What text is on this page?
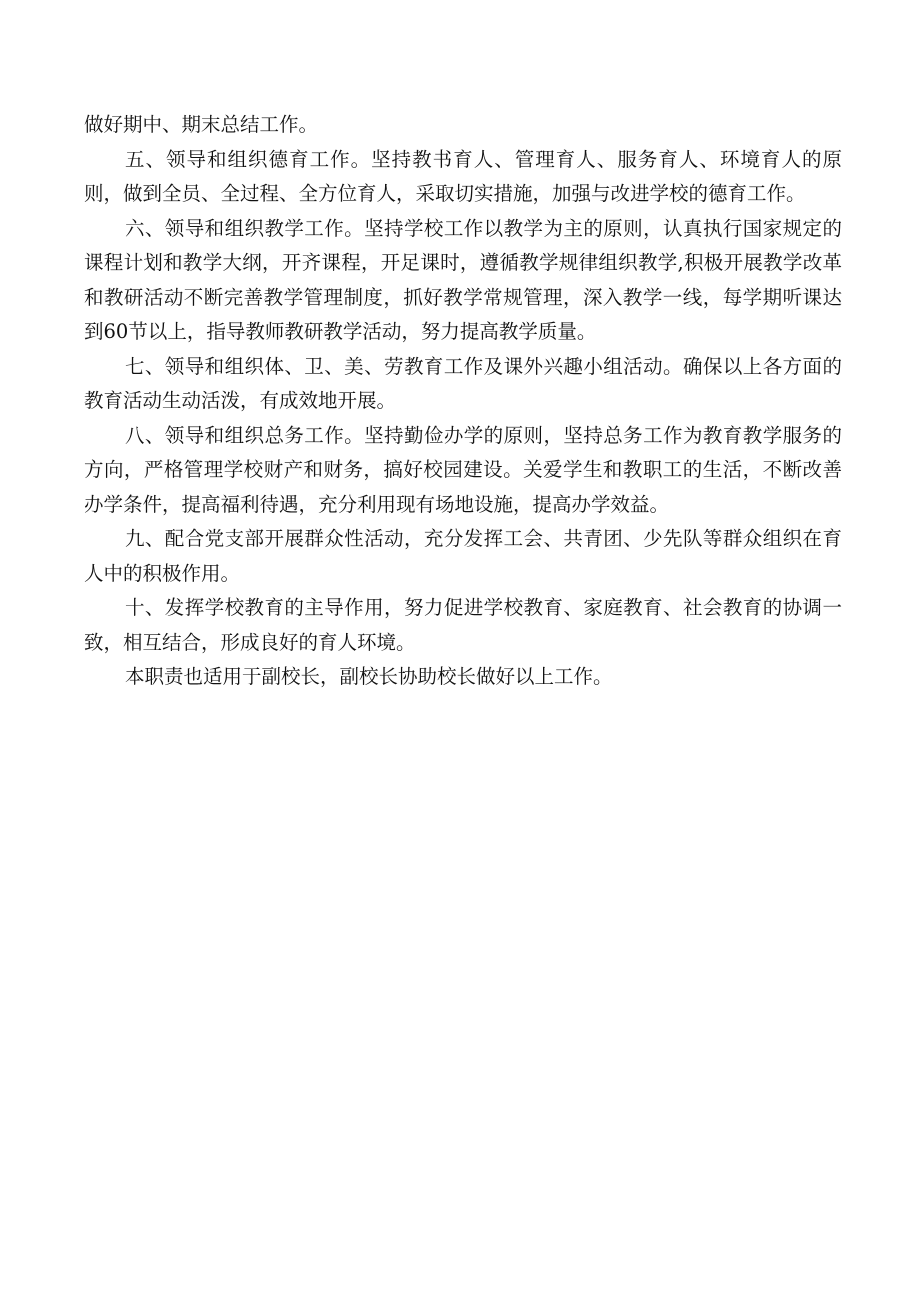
做好期中、期末总结工作。

五、领导和组织德育工作。坚持教书育人、管理育人、服务育人、环境育人的原则，做到全员、全过程、全方位育人，采取切实措施，加强与改进学校的德育工作。

六、领导和组织教学工作。坚持学校工作以教学为主的原则，认真执行国家规定的课程计划和教学大纲，开齐课程，开足课时，遵循教学规律组织教学,积极开展教学改革和教研活动不断完善教学管理制度，抓好教学常规管理，深入教学一线，每学期听课达到60节以上，指导教师教研教学活动，努力提高教学质量。

七、领导和组织体、卫、美、劳教育工作及课外兴趣小组活动。确保以上各方面的教育活动生动活泼，有成效地开展。

八、领导和组织总务工作。坚持勤俭办学的原则，坚持总务工作为教育教学服务的方向，严格管理学校财产和财务，搞好校园建设。关爱学生和教职工的生活，不断改善办学条件，提高福利待遇，充分利用现有场地设施，提高办学效益。

九、配合党支部开展群众性活动，充分发挥工会、共青团、少先队等群众组织在育人中的积极作用。

十、发挥学校教育的主导作用，努力促进学校教育、家庭教育、社会教育的协调一致，相互结合，形成良好的育人环境。

本职责也适用于副校长，副校长协助校长做好以上工作。
